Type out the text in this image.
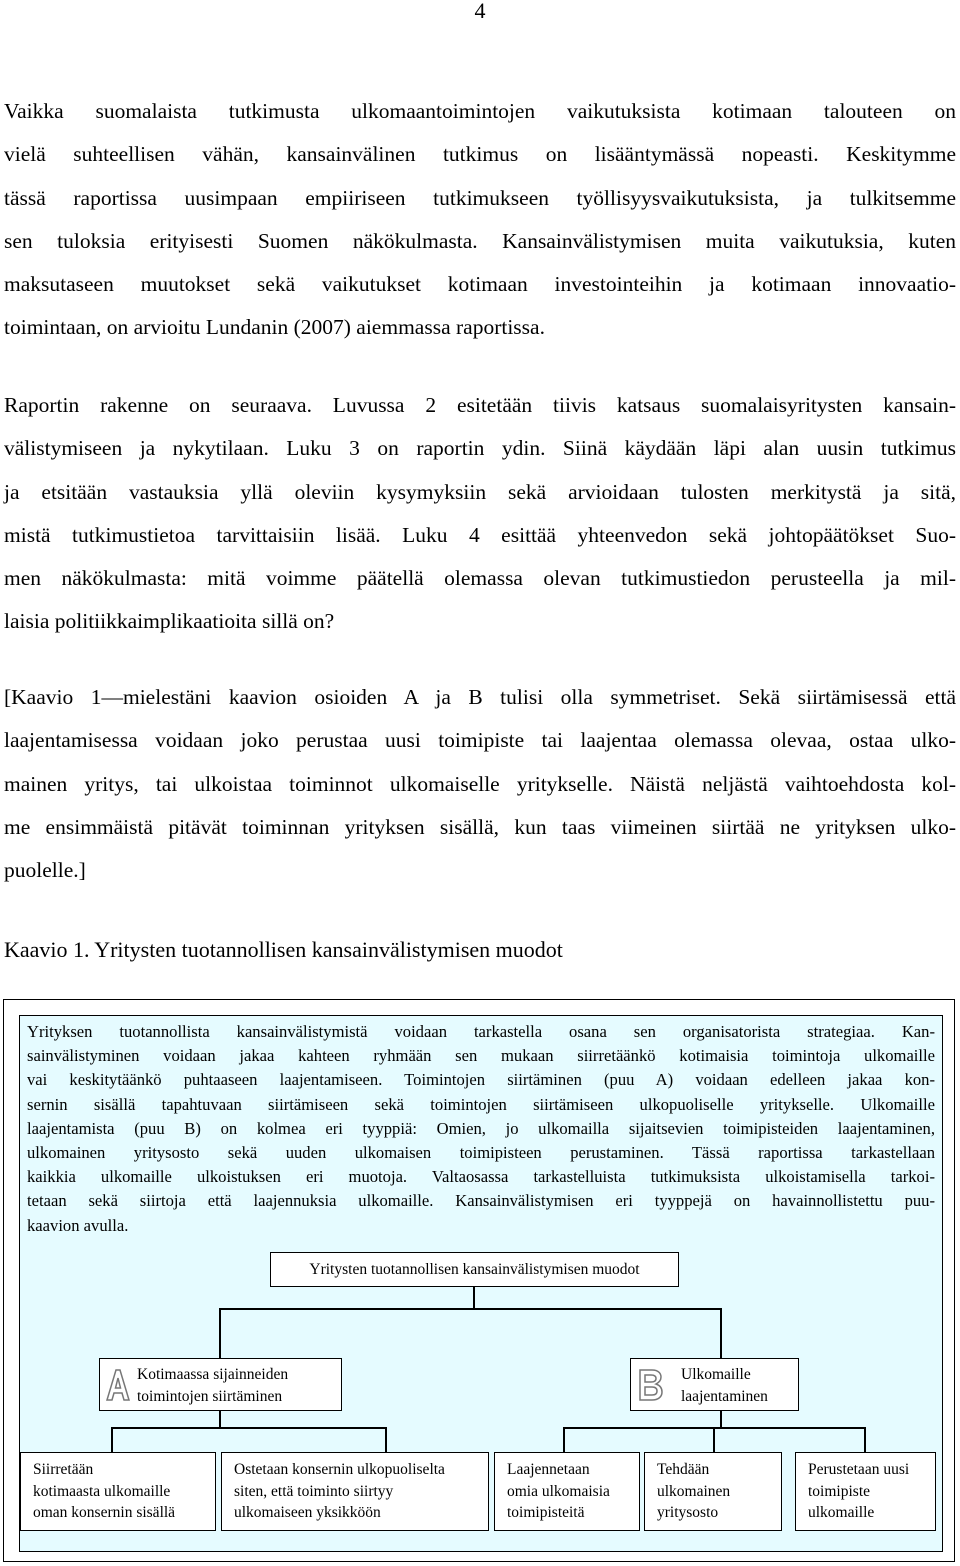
4
Vaikka suomalaista tutkimusta ulkomaantoimintojen vaikutuksista kotimaan talouteen on
vielä suhteellisen vähän, kansainvälinen tutkimus on lisääntymässä nopeasti. Keskitymme
tässä raportissa uusimpaan empiiriseen tutkimukseen työllisyysvaikutuksista, ja tulkitsemme
sen tuloksia erityisesti Suomen näkökulmasta. Kansainvälistymisen muita vaikutuksia, kuten
maksutaseen muutokset sekä vaikutukset kotimaan investointeihin ja kotimaan innovaatio-
toimintaan, on arvioitu Lundanin (2007) aiemmassa raportissa.
Raportin rakenne on seuraava. Luvussa 2 esitetään tiivis katsaus suomalaisyritysten kansain-
välistymiseen ja nykytilaan. Luku 3 on raportin ydin. Siinä käydään läpi alan uusin tutkimus
ja etsitään vastauksia yllä oleviin kysymyksiin sekä arvioidaan tulosten merkitystä ja sitä,
mistä tutkimustietoa tarvittaisiin lisää. Luku 4 esittää yhteenvedon sekä johtopäätökset Suo-
men näkökulmasta: mitä voimme päätellä olemassa olevan tutkimustiedon perusteella ja mil-
laisia politiikkaimplikaatioita sillä on?
[Kaavio 1—mielestäni kaavion osioiden A ja B tulisi olla symmetriset. Sekä siirtämisessä että
laajentamisessa voidaan joko perustaa uusi toimipiste tai laajentaa olemassa olevaa, ostaa ulko-
mainen yritys, tai ulkoistaa toiminnot ulkomaiselle yritykselle. Näistä neljästä vaihtoehdosta kol-
me ensimmäistä pitävät toiminnan yrityksen sisällä, kun taas viimeinen siirtää ne yrityksen ulko-
puolelle.]
Kaavio 1. Yritysten tuotannollisen kansainvälistymisen muodot
Yrityksen tuotannollista kansainvälistymistä voidaan tarkastella osana sen organisatorista strategiaa. Kan-
sainvälistyminen voidaan jakaa kahteen ryhmään sen mukaan siirretäänkö kotimaisia toimintoja ulkomaille
vai keskitytäänkö puhtaaseen laajentamiseen. Toimintojen siirtäminen (puu A) voidaan edelleen jakaa kon-
sernin sisällä tapahtuvaan siirtämiseen sekä toimintojen siirtämiseen ulkopuoliselle yritykselle. Ulkomaille
laajentamista (puu B) on kolmea eri tyyppiä: Omien, jo ulkomailla sijaitsevien toimipisteiden laajentaminen,
ulkomainen yritysosto sekä uuden ulkomaisen toimipisteen perustaminen. Tässä raportissa tarkastellaan
kaikkia ulkomaille ulkoistuksen eri muotoja. Valtaosassa tarkastelluista tutkimuksista ulkoistamisella tarkoi-
tetaan sekä siirtoja että laajennuksia ulkomaille. Kansainvälistymisen eri tyyppejä on havainnollistettu puu-
kaavion avulla.
Yritysten tuotannollisen kansainvälistymisen muodot
Kotimaassa sijainneiden
toimintojen siirtäminen
Ulkomaille
laajentaminen
Siirretään
kotimaasta ulkomaille
oman konsernin sisällä
Ostetaan konsernin ulkopuoliselta
siten, että toiminto siirtyy
ulkomaiseen yksikköön
Laajennetaan
omia ulkomaisia
toimipisteitä
Tehdään
ulkomainen
yritysosto
Perustetaan uusi
toimipiste
ulkomaille
